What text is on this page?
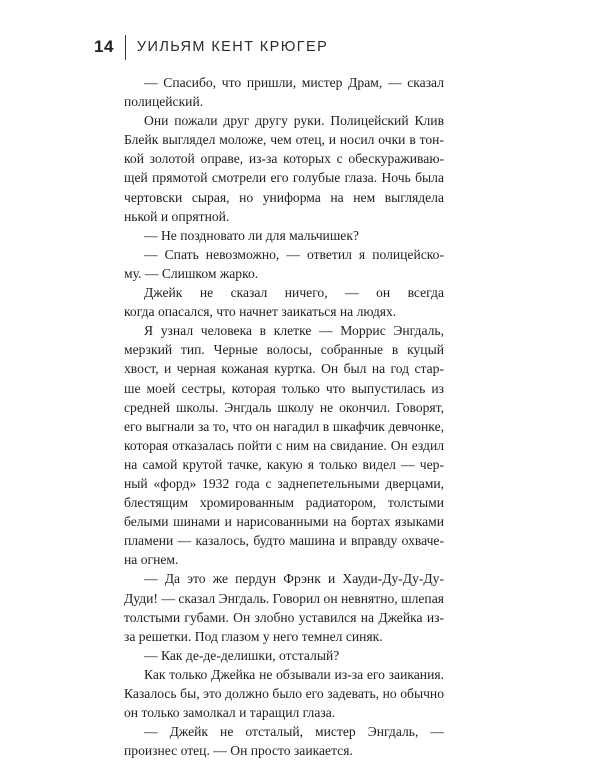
14 УИЛЬЯМ КЕНТ КРЮГЕР
— Спасибо, что пришли, мистер Драм, — сказал
полицейский.
Они пожали друг другу руки. Полицейский Клив
Блейк выглядел моложе, чем отец, и носил очки в тон-
кой золотой оправе, из-за которых с обескураживаю-
щей прямотой смотрели его голубые глаза. Ночь была
чертовски сырая, но униформа на нем выглядела
нькой и опрятной.
— Не поздновато ли для мальчишек?
— Спать невозможно, — ответил я полицейско-
му. — Слишком жарко.
Джейк не сказал ничего, — он всегда
когда опасался, что начнет заикаться на людях.
Я узнал человека в клетке — Моррис Энгдаль,
мерзкий тип. Черные волосы, собранные в куцый
хвост, и черная кожаная куртка. Он был на год стар-
ше моей сестры, которая только что выпустилась из
средней школы. Энгдаль школу не окончил. Говорят,
его выгнали за то, что он нагадил в шкафчик девчонке,
которая отказалась пойти с ним на свидание. Он ездил
на самой крутой тачке, какую я только видел — чер-
ный «форд» 1932 года с заднепетельными дверцами,
блестящим хромированным радиатором, толстыми
белыми шинами и нарисованными на бортах языками
пламени — казалось, будто машина и вправду охваче-
на огнем.
— Да это же пердун Фрэнк и Хауди-Ду-Ду-Ду-
Дуди! — сказал Энгдаль. Говорил он невнятно, шлепая
толстыми губами. Он злобно уставился на Джейка из-
за решетки. Под глазом у него темнел синяк.
— Как де-де-делишки, отсталый?
Как только Джейка не обзывали из-за его заикания.
Казалось бы, это должно было его задевать, но обычно
он только замолкал и таращил глаза.
— Джейк не отсталый, мистер Энгдаль, —
произнес отец. — Он просто заикается.
